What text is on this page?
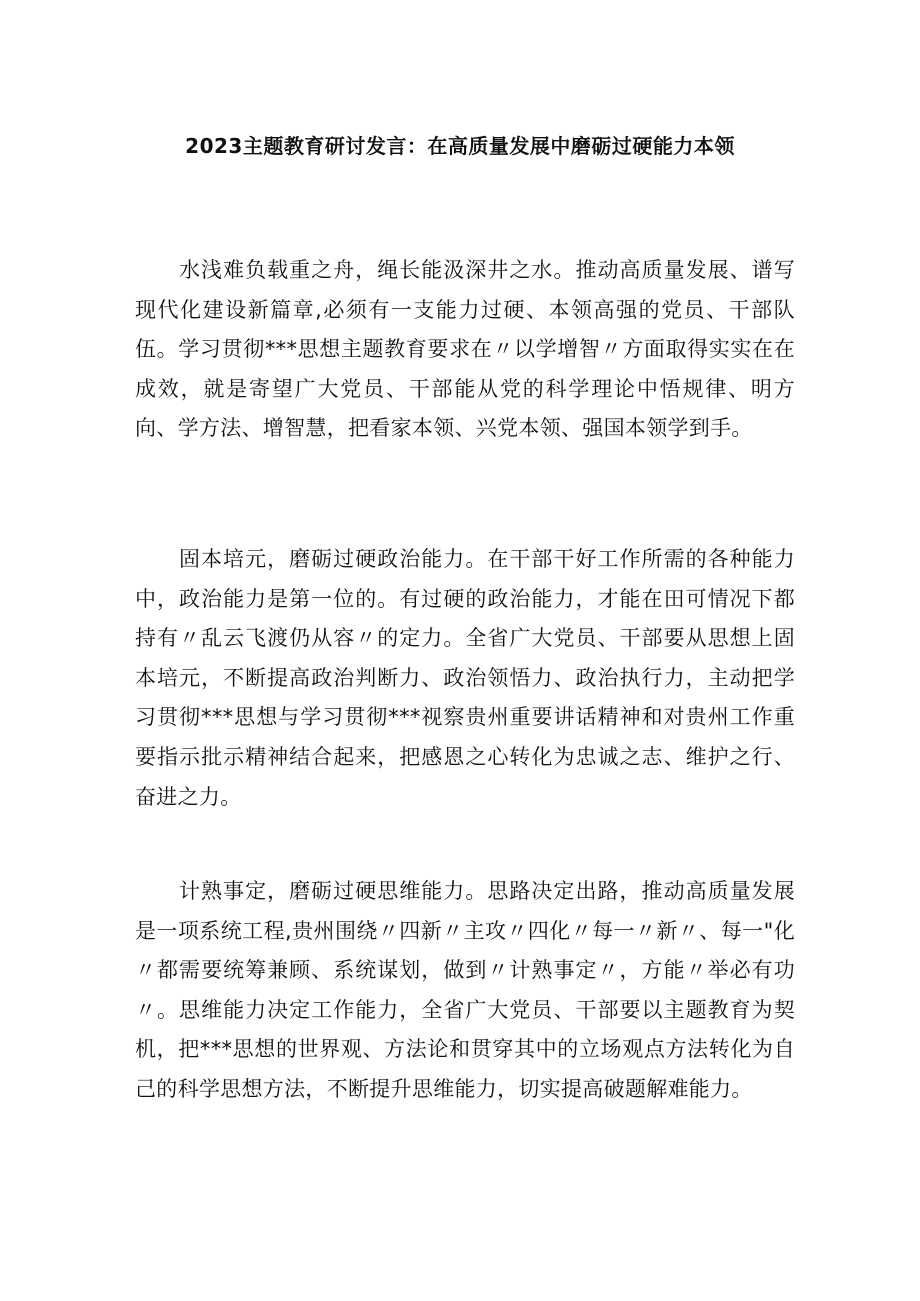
2023主题教育研讨发言：在高质量发展中磨砺过硬能力本领

水浅难负载重之舟，绳长能汲深井之水。推动高质量发展、谱写现代化建设新篇章,必须有一支能力过硬、本领高强的党员、干部队伍。学习贯彻***思想主题教育要求在〃以学增智〃方面取得实实在在成效，就是寄望广大党员、干部能从党的科学理论中悟规律、明方向、学方法、增智慧，把看家本领、兴党本领、强国本领学到手。

固本培元，磨砺过硬政治能力。在干部干好工作所需的各种能力中，政治能力是第一位的。有过硬的政治能力，才能在田可情况下都持有〃乱云飞渡仍从容〃的定力。全省广大党员、干部要从思想上固本培元，不断提高政治判断力、政治领悟力、政治执行力，主动把学习贯彻***思想与学习贯彻***视察贵州重要讲话精神和对贵州工作重要指示批示精神结合起来，把感恩之心转化为忠诚之志、维护之行、奋进之力。

计熟事定，磨砺过硬思维能力。思路决定出路，推动高质量发展是一项系统工程,贵州围绕〃四新〃主攻〃四化〃每一〃新〃、每一"化〃都需要统筹兼顾、系统谋划，做到〃计熟事定〃，方能〃举必有功〃。思维能力决定工作能力，全省广大党员、干部要以主题教育为契机，把***思想的世界观、方法论和贯穿其中的立场观点方法转化为自己的科学思想方法，不断提升思维能力，切实提高破题解难能力。
